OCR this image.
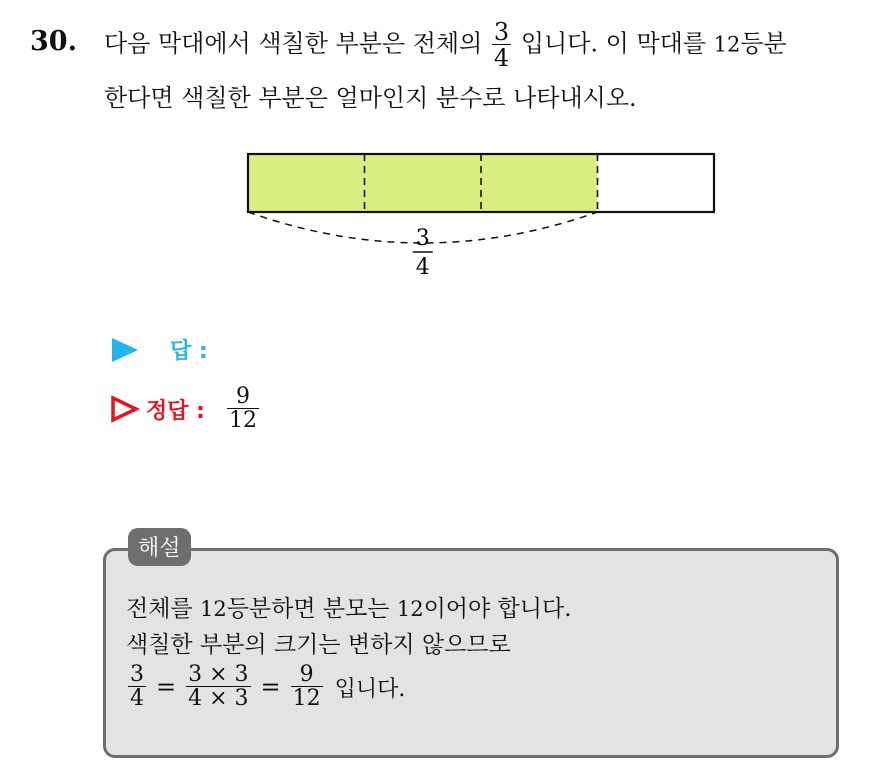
30. 다음 막대에서 색칠한 부분은 전체의 $\frac{3}{4}$ 입니다. 이 막대를 12등분
한다면 색칠한 부분은 얼마인지 분수로 나타내시오.
3
4
답 :
정답 : $\frac{9}{12}$
해설
전체를 12등분하면 분모는 12이어야 합니다.
색칠한 부분의 크기는 변하지 않으므로
$\frac{3}{4} = \frac{3 \times 3}{4 \times 3} = \frac{9}{12}$ 입니다.
